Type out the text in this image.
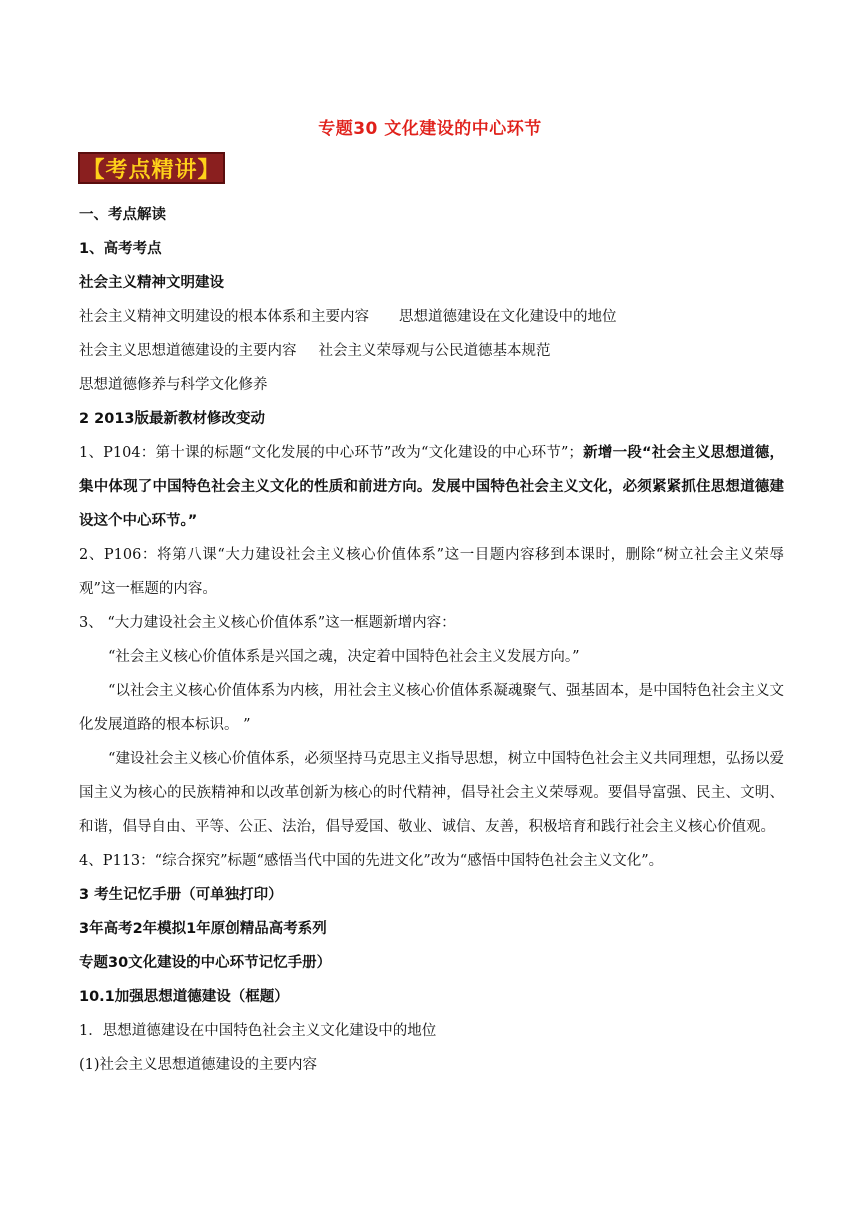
专题30 文化建设的中心环节
【考点精讲】

一、考点解读

1、高考考点

社会主义精神文明建设

社会主义精神文明建设的根本体系和主要内容 思想道德建设在文化建设中的地位

社会主义思想道德建设的主要内容 社会主义荣辱观与公民道德基本规范

思想道德修养与科学文化修养

2 2013版最新教材修改变动

1、P104：第十课的标题“文化发展的中心环节”改为“文化建设的中心环节”；新增一段“社会主义思想道德，集中体现了中国特色社会主义文化的性质和前进方向。发展中国特色社会主义文化，必须紧紧抓住思想道德建设这个中心环节。”

2、P106：将第八课“大力建设社会主义核心价值体系”这一目题内容移到本课时，删除“树立社会主义荣辱观”这一框题的内容。

3、 “大力建设社会主义核心价值体系”这一框题新增内容：

“社会主义核心价值体系是兴国之魂，决定着中国特色社会主义发展方向。”

“以社会主义核心价值体系为内核，用社会主义核心价值体系凝魂聚气、强基固本，是中国特色社会主义文化发展道路的根本标识。 ”

“建设社会主义核心价值体系，必须坚持马克思主义指导思想，树立中国特色社会主义共同理想，弘扬以爱国主义为核心的民族精神和以改革创新为核心的时代精神，倡导社会主义荣辱观。要倡导富强、民主、文明、和谐，倡导自由、平等、公正、法治，倡导爱国、敬业、诚信、友善，积极培育和践行社会主义核心价值观。

4、P113：“综合探究”标题“感悟当代中国的先进文化”改为“感悟中国特色社会主义文化”。

3 考生记忆手册（可单独打印）

3年高考2年模拟1年原创精品高考系列

专题30文化建设的中心环节记忆手册）

10.1加强思想道德建设（框题）

1．思想道德建设在中国特色社会主义文化建设中的地位

(1)社会主义思想道德建设的主要内容
